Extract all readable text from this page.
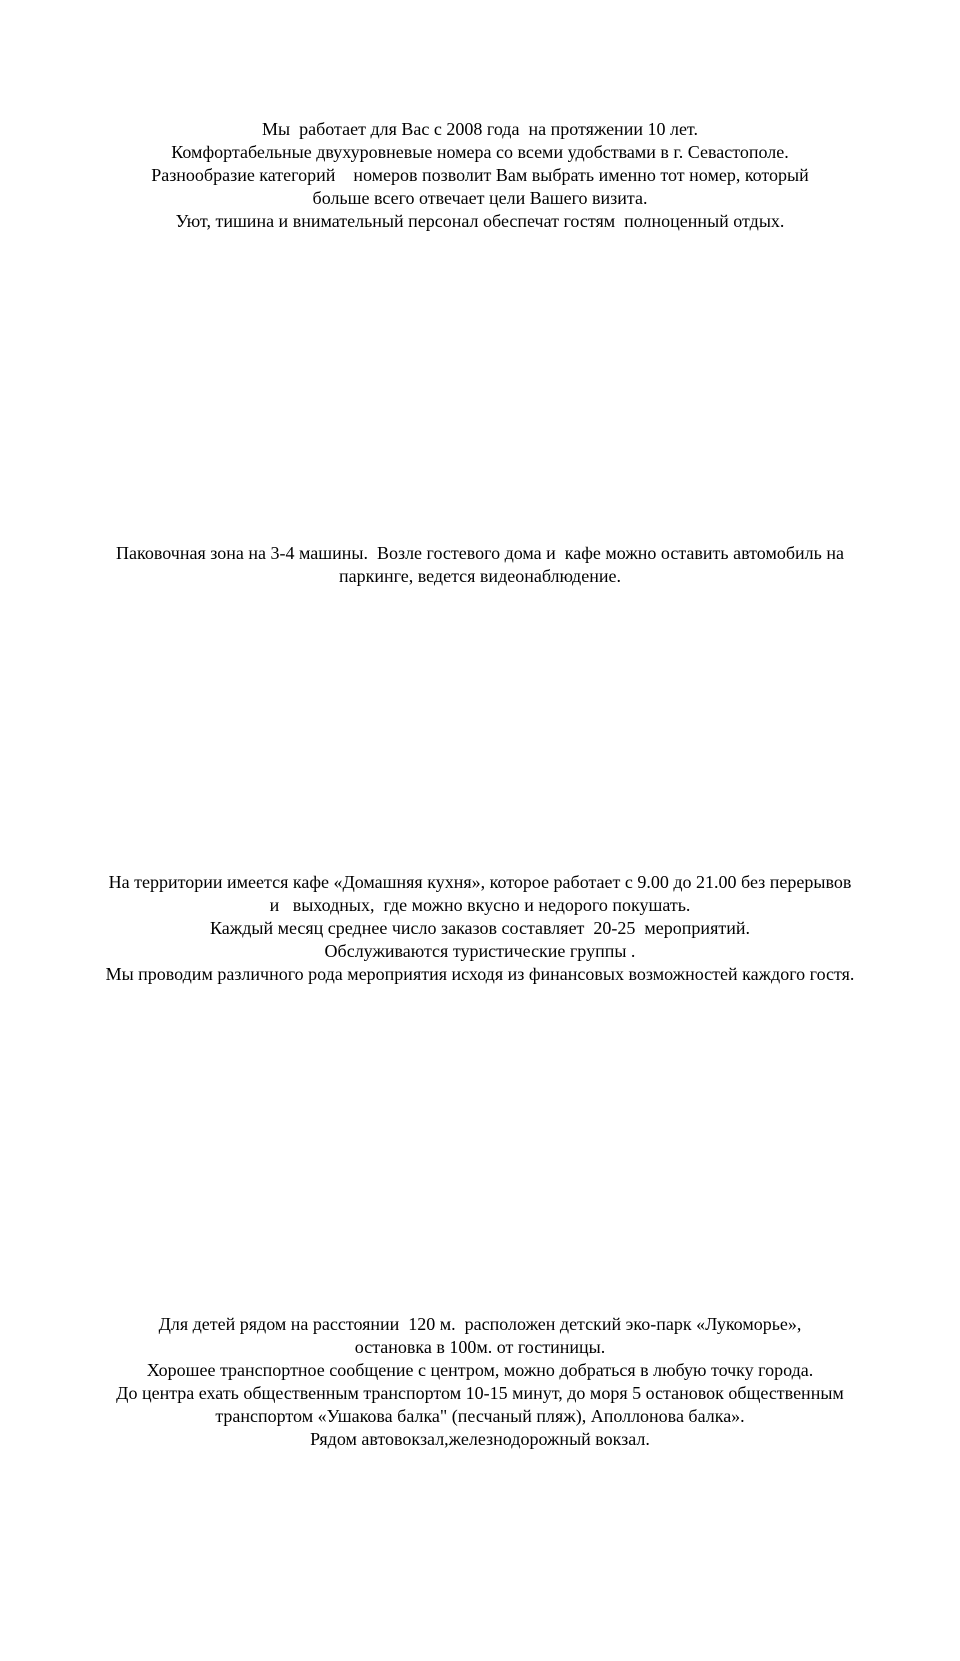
Мы  работает для Вас с 2008 года  на протяжении 10 лет.
Комфортабельные двухуровневые номера со всеми удобствами в г. Севастополе.
Разнообразие категорий    номеров позволит Вам выбрать именно тот номер, который
больше всего отвечает цели Вашего визита.
Уют, тишина и внимательный персонал обеспечат гостям  полноценный отдых.
Паковочная зона на 3-4 машины.  Возле гостевого дома и  кафе можно оставить автомобиль на
паркинге, ведется видеонаблюдение.
На территории имеется кафе «Домашняя кухня», которое работает с 9.00 до 21.00 без перерывов
и   выходных,  где можно вкусно и недорого покушать.
Каждый месяц среднее число заказов составляет  20-25  мероприятий.
Обслуживаются туристические группы .
Мы проводим различного рода мероприятия исходя из финансовых возможностей каждого гостя.
Для детей рядом на расстоянии  120 м.  расположен детский эко-парк «Лукоморье»,
остановка в 100м. от гостиницы.
Хорошее транспортное сообщение с центром, можно добраться в любую точку города.
До центра ехать общественным транспортом 10-15 минут, до моря 5 остановок общественным
транспортом «Ушакова балка" (песчаный пляж), Аполлонова балка».
Рядом автовокзал,железнодорожный вокзал.
